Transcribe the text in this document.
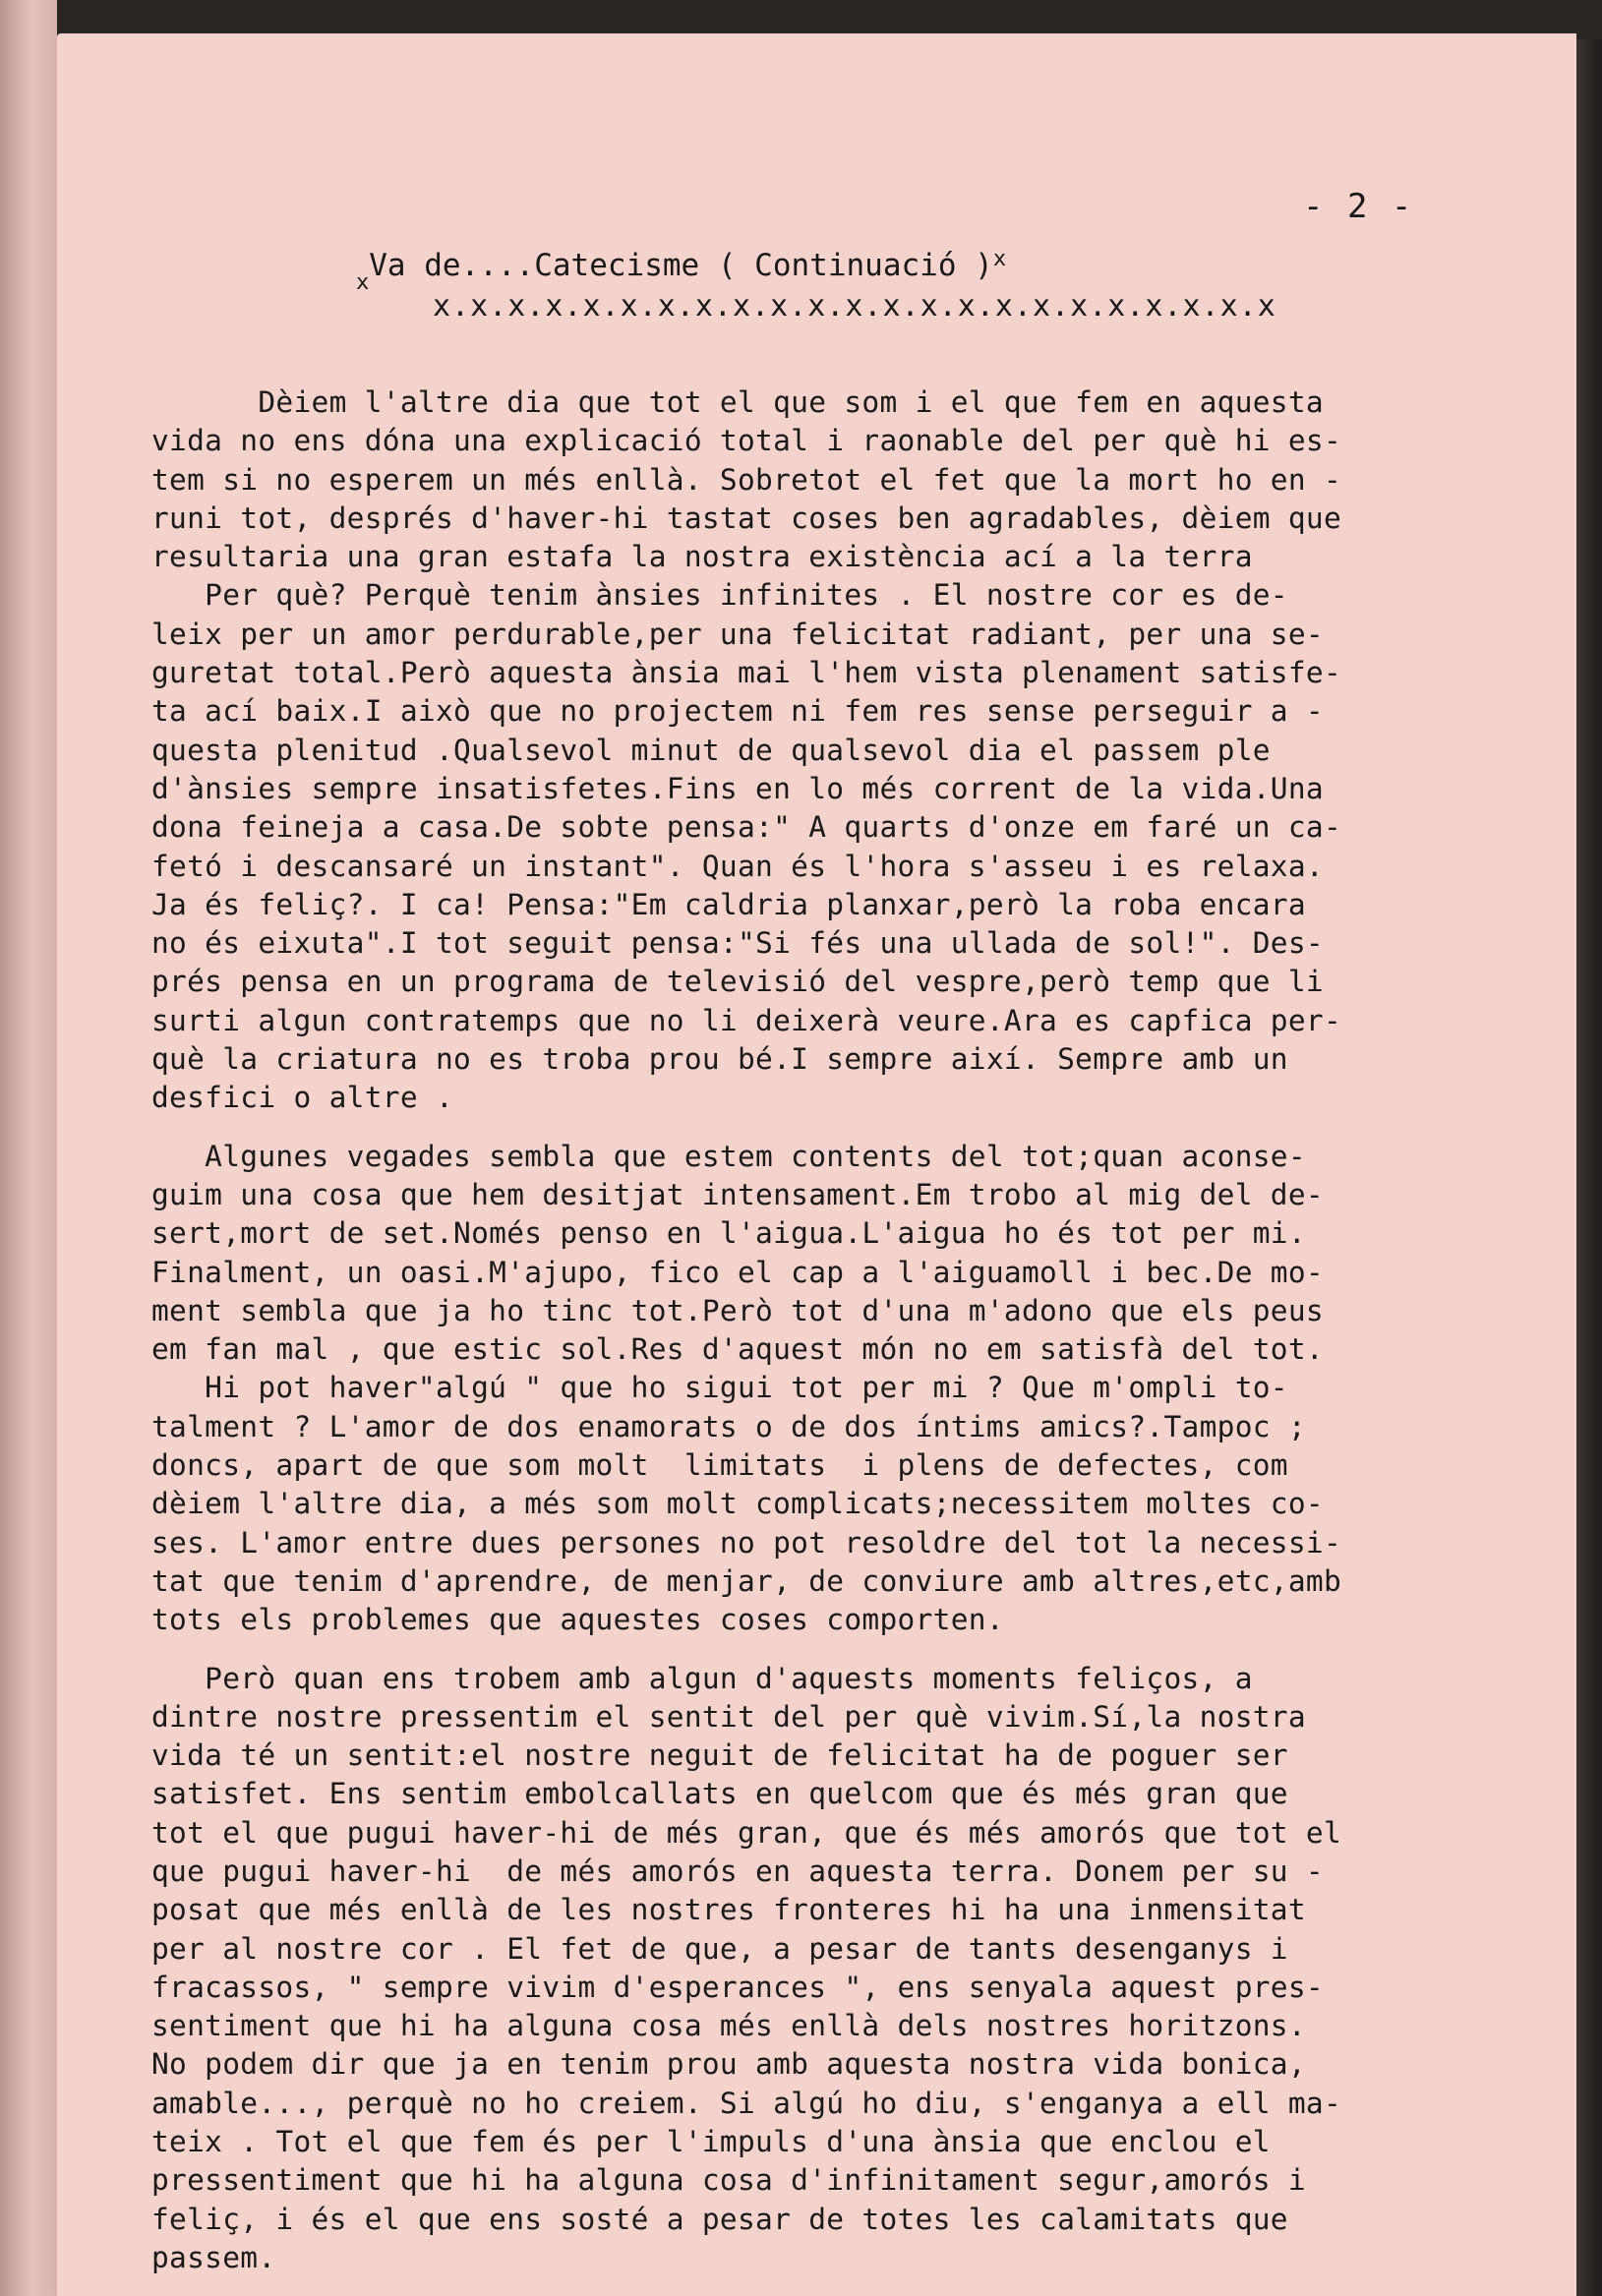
- 2 -
$_x$Va de....Catecisme ( Continuació )$^x$
x.x.x.x.x.x.x.x.x.x.x.x.x.x.x.x.x.x.x.x.x.x.x
Dèiem l'altre dia que tot el que som i el que fem en aquesta
vida no ens dóna una explicació total i raonable del per què hi es-
tem si no esperem un més enllà. Sobretot el fet que la mort ho en -
runi tot, després d'haver-hi tastat coses ben agradables, dèiem que
resultaria una gran estafa la nostra existència ací a la terra
Per què? Perquè tenim ànsies infinites . El nostre cor es de-
leix per un amor perdurable,per una felicitat radiant, per una se-
guretat total.Però aquesta ànsia mai l'hem vista plenament satisfe-
ta ací baix.I això que no projectem ni fem res sense perseguir a -
questa plenitud .Qualsevol minut de qualsevol dia el passem ple
d'ànsies sempre insatisfetes.Fins en lo més corrent de la vida.Una
dona feineja a casa.De sobte pensa:" A quarts d'onze em faré un ca-
fetó i descansaré un instant". Quan és l'hora s'asseu i es relaxa.
Ja és feliç?. I ca! Pensa:"Em caldria planxar,però la roba encara
no és eixuta".I tot seguit pensa:"Si fés una ullada de sol!". Des-
prés pensa en un programa de televisió del vespre,però temp que li
surti algun contratemps que no li deixerà veure.Ara es capfica per-
què la criatura no es troba prou bé.I sempre així. Sempre amb un
desfici o altre .
Algunes vegades sembla que estem contents del tot;quan aconse-
guim una cosa que hem desitjat intensament.Em trobo al mig del de-
sert,mort de set.Només penso en l'aigua.L'aigua ho és tot per mi.
Finalment, un oasi.M'ajupo, fico el cap a l'aiguamoll i bec.De mo-
ment sembla que ja ho tinc tot.Però tot d'una m'adono que els peus
em fan mal , que estic sol.Res d'aquest món no em satisfà del tot.
Hi pot haver"algú " que ho sigui tot per mi ? Que m'ompli to-
talment ? L'amor de dos enamorats o de dos íntims amics?.Tampoc ;
doncs, apart de que som molt  limitats  i plens de defectes, com
dèiem l'altre dia, a més som molt complicats;necessitem moltes co-
ses. L'amor entre dues persones no pot resoldre del tot la necessi-
tat que tenim d'aprendre, de menjar, de conviure amb altres,etc,amb
tots els problemes que aquestes coses comporten.
Però quan ens trobem amb algun d'aquests moments feliços, a
dintre nostre pressentim el sentit del per què vivim.Sí,la nostra
vida té un sentit:el nostre neguit de felicitat ha de poguer ser
satisfet. Ens sentim embolcallats en quelcom que és més gran que
tot el que pugui haver-hi de més gran, que és més amorós que tot el
que pugui haver-hi  de més amorós en aquesta terra. Donem per su -
posat que més enllà de les nostres fronteres hi ha una inmensitat
per al nostre cor . El fet de que, a pesar de tants desenganys i
fracassos, " sempre vivim d'esperances ", ens senyala aquest pres-
sentiment que hi ha alguna cosa més enllà dels nostres horitzons.
No podem dir que ja en tenim prou amb aquesta nostra vida bonica,
amable..., perquè no ho creiem. Si algú ho diu, s'enganya a ell ma-
teix . Tot el que fem és per l'impuls d'una ànsia que enclou el
pressentiment que hi ha alguna cosa d'infinitament segur,amorós i
feliç, i és el que ens sosté a pesar de totes les calamitats que
passem.
